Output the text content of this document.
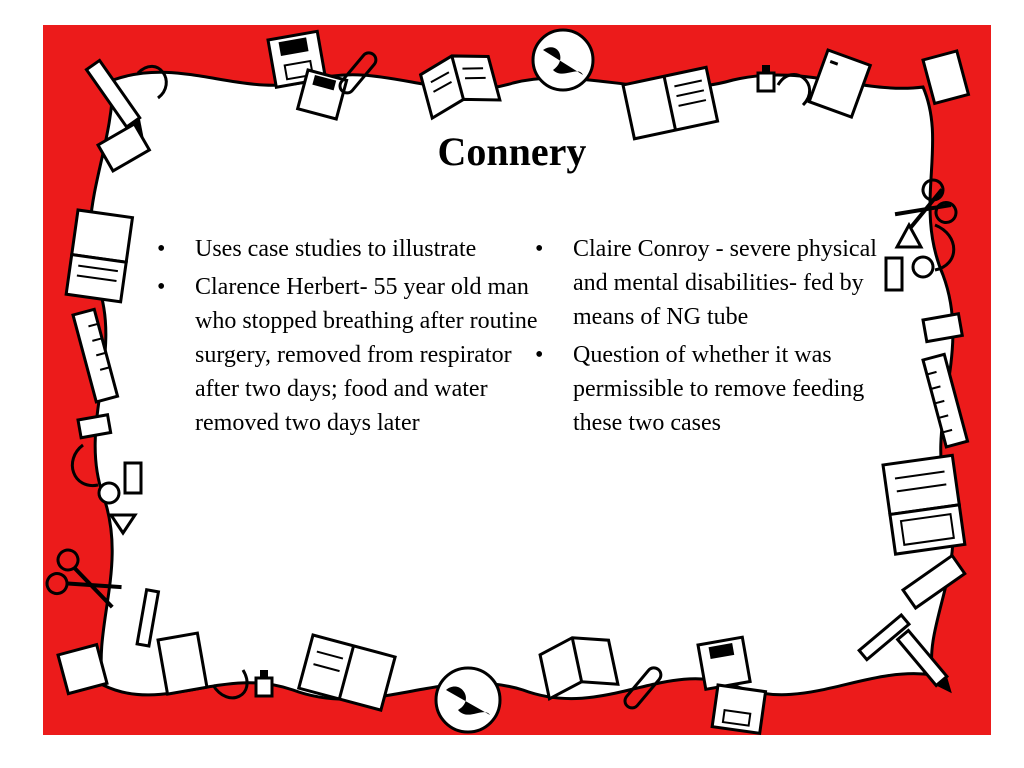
Connery
• Uses case studies to illustrate
• Clarence Herbert- 55 year old man who stopped breathing after routine surgery, removed from respirator after two days; food and water removed two days later
• Claire Conroy - severe physical and mental disabilities- fed by means of NG tube
• Question of whether it was permissible to remove feeding these two cases
